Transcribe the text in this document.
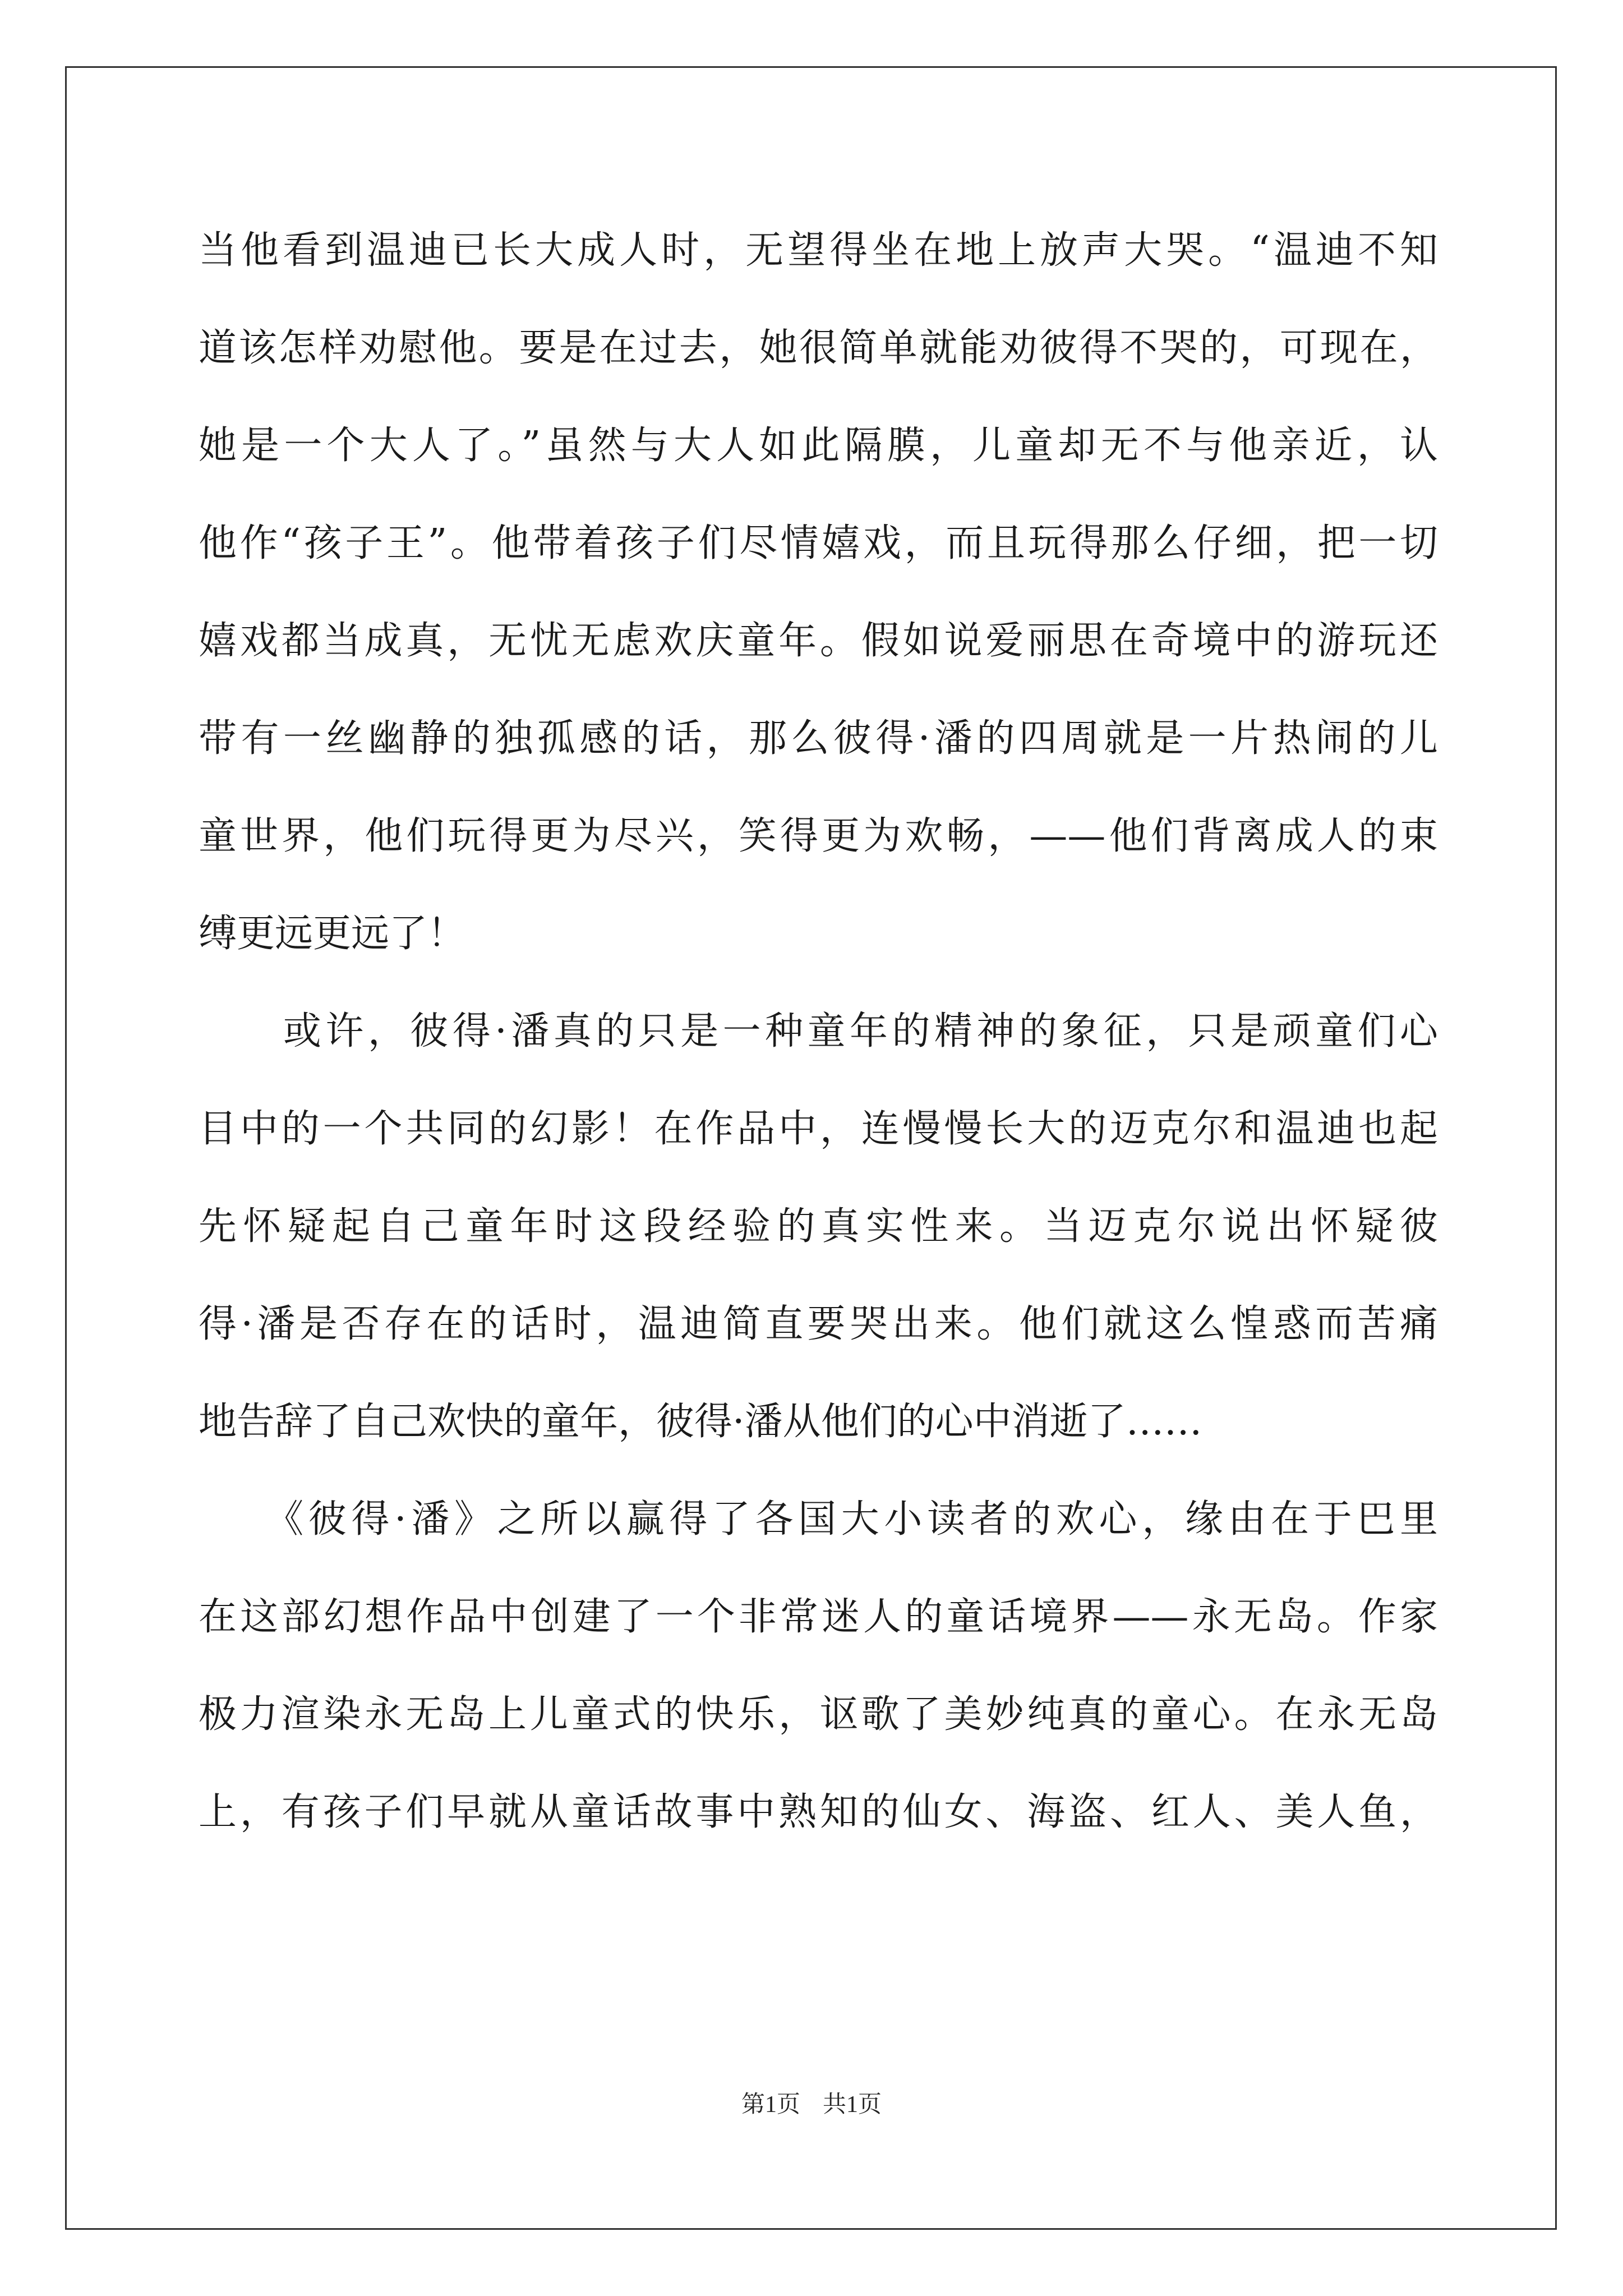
当他看到温迪已长大成人时，无望得坐在地上放声大哭。“温迪不知
道该怎样劝慰他。要是在过去，她很简单就能劝彼得不哭的，可现在，
她是一个大人了。”虽然与大人如此隔膜，儿童却无不与他亲近，认
他作“孩子王”。他带着孩子们尽情嬉戏，而且玩得那么仔细，把一切
嬉戏都当成真，无忧无虑欢庆童年。假如说爱丽思在奇境中的游玩还
带有一丝幽静的独孤感的话，那么彼得·潘的四周就是一片热闹的儿
童世界，他们玩得更为尽兴，笑得更为欢畅，——他们背离成人的束
缚更远更远了！
　　或许，彼得·潘真的只是一种童年的精神的象征，只是顽童们心
目中的一个共同的幻影！在作品中，连慢慢长大的迈克尔和温迪也起
先怀疑起自己童年时这段经验的真实性来。当迈克尔说出怀疑彼
得·潘是否存在的话时，温迪简直要哭出来。他们就这么惶惑而苦痛
地告辞了自己欢快的童年，彼得·潘从他们的心中消逝了……
　　《彼得·潘》之所以赢得了各国大小读者的欢心，缘由在于巴里
在这部幻想作品中创建了一个非常迷人的童话境界——永无岛。作家
极力渲染永无岛上儿童式的快乐，讴歌了美妙纯真的童心。在永无岛
上，有孩子们早就从童话故事中熟知的仙女、海盗、红人、美人鱼，
第1页 共1页
